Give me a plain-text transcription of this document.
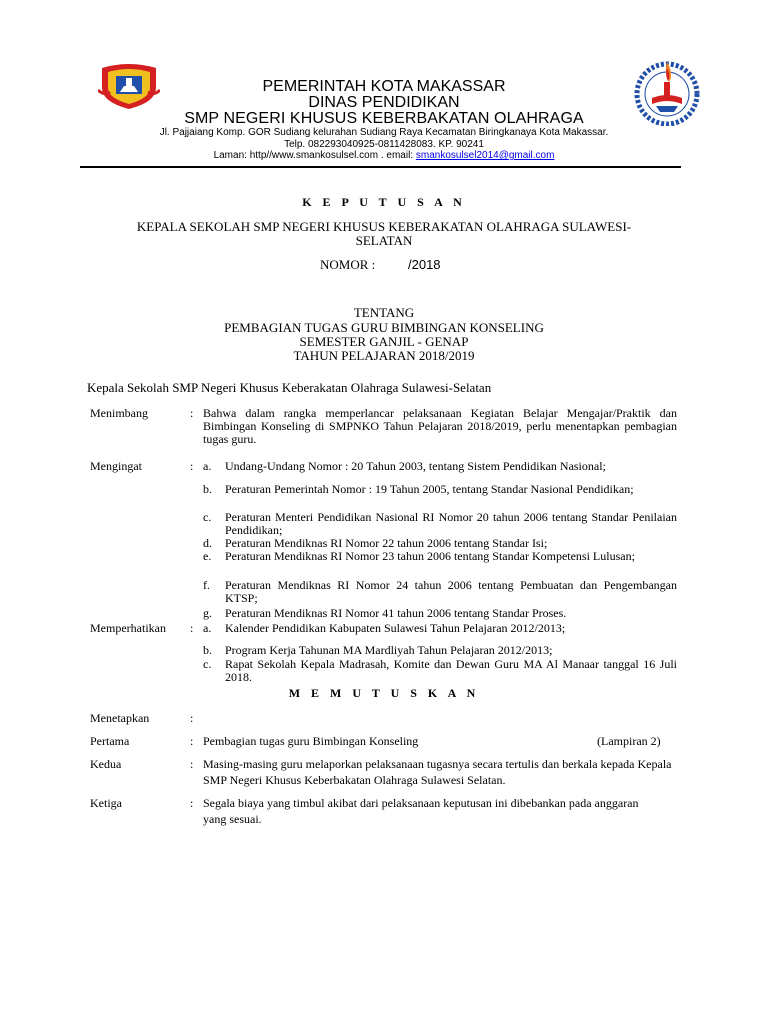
PEMERINTAH KOTA MAKASSAR
DINAS PENDIDIKAN
SMP NEGERI KHUSUS KEBERBAKATAN OLAHRAGA
Jl. Pajjaiang Komp. GOR Sudiang kelurahan Sudiang Raya Kecamatan Biringkanaya Kota Makassar.
Telp. 082293040925-0811428083. KP. 90241
Laman: http//www.smankosulsel.com . email: smankosulsel2014@gmail.com
K E P U T U S A N
KEPALA SEKOLAH SMP NEGERI KHUSUS KEBERAKATAN OLAHRAGA SULAWESI-
SELATAN
NOMOR :	/2018
TENTANG
PEMBAGIAN TUGAS GURU BIMBINGAN KONSELING
SEMESTER GANJIL - GENAP
TAHUN PELAJARAN 2018/2019
Kepala Sekolah SMP Negeri Khusus Keberakatan Olahraga Sulawesi-Selatan
Menimbang	: Bahwa dalam rangka memperlancar pelaksanaan Kegiatan Belajar Mengajar/Praktik dan Bimbingan Konseling di SMPNKO Tahun Pelajaran 2018/2019, perlu menentapkan pembagian tugas guru.
Mengingat	: a. Undang-Undang Nomor : 20 Tahun 2003, tentang Sistem Pendidikan Nasional;
b. Peraturan Pemerintah Nomor : 19 Tahun 2005, tentang Standar Nasional Pendidikan;
c. Peraturan Menteri Pendidikan Nasional RI Nomor 20 tahun 2006 tentang Standar Penilaian Pendidikan;
d. Peraturan Mendiknas RI Nomor 22 tahun 2006 tentang Standar Isi;
e. Peraturan Mendiknas RI Nomor 23 tahun 2006 tentang Standar Kompetensi Lulusan;
f. Peraturan Mendiknas RI Nomor 24 tahun 2006 tentang Pembuatan dan Pengembangan KTSP;
g. Peraturan Mendiknas RI Nomor 41 tahun 2006 tentang Standar Proses.
Memperhatikan : a. Kalender Pendidikan Kabupaten Sulawesi Tahun Pelajaran 2012/2013;
b. Program Kerja Tahunan MA Mardliyah Tahun Pelajaran 2012/2013;
c. Rapat Sekolah Kepala Madrasah, Komite dan Dewan Guru MA Al Manaar tanggal 16 Juli 2018.
M E M U T U S K A N
Menetapkan	:
Pertama	: Pembagian tugas guru Bimbingan Konseling	(Lampiran 2)
Kedua	: Masing-masing guru melaporkan pelaksanaan tugasnya secara tertulis dan berkala kepada Kepala SMP Negeri Khusus Keberbakatan Olahraga Sulawesi Selatan.
Ketiga	: Segala biaya yang timbul akibat dari pelaksanaan keputusan ini dibebankan pada anggaran yang sesuai.
